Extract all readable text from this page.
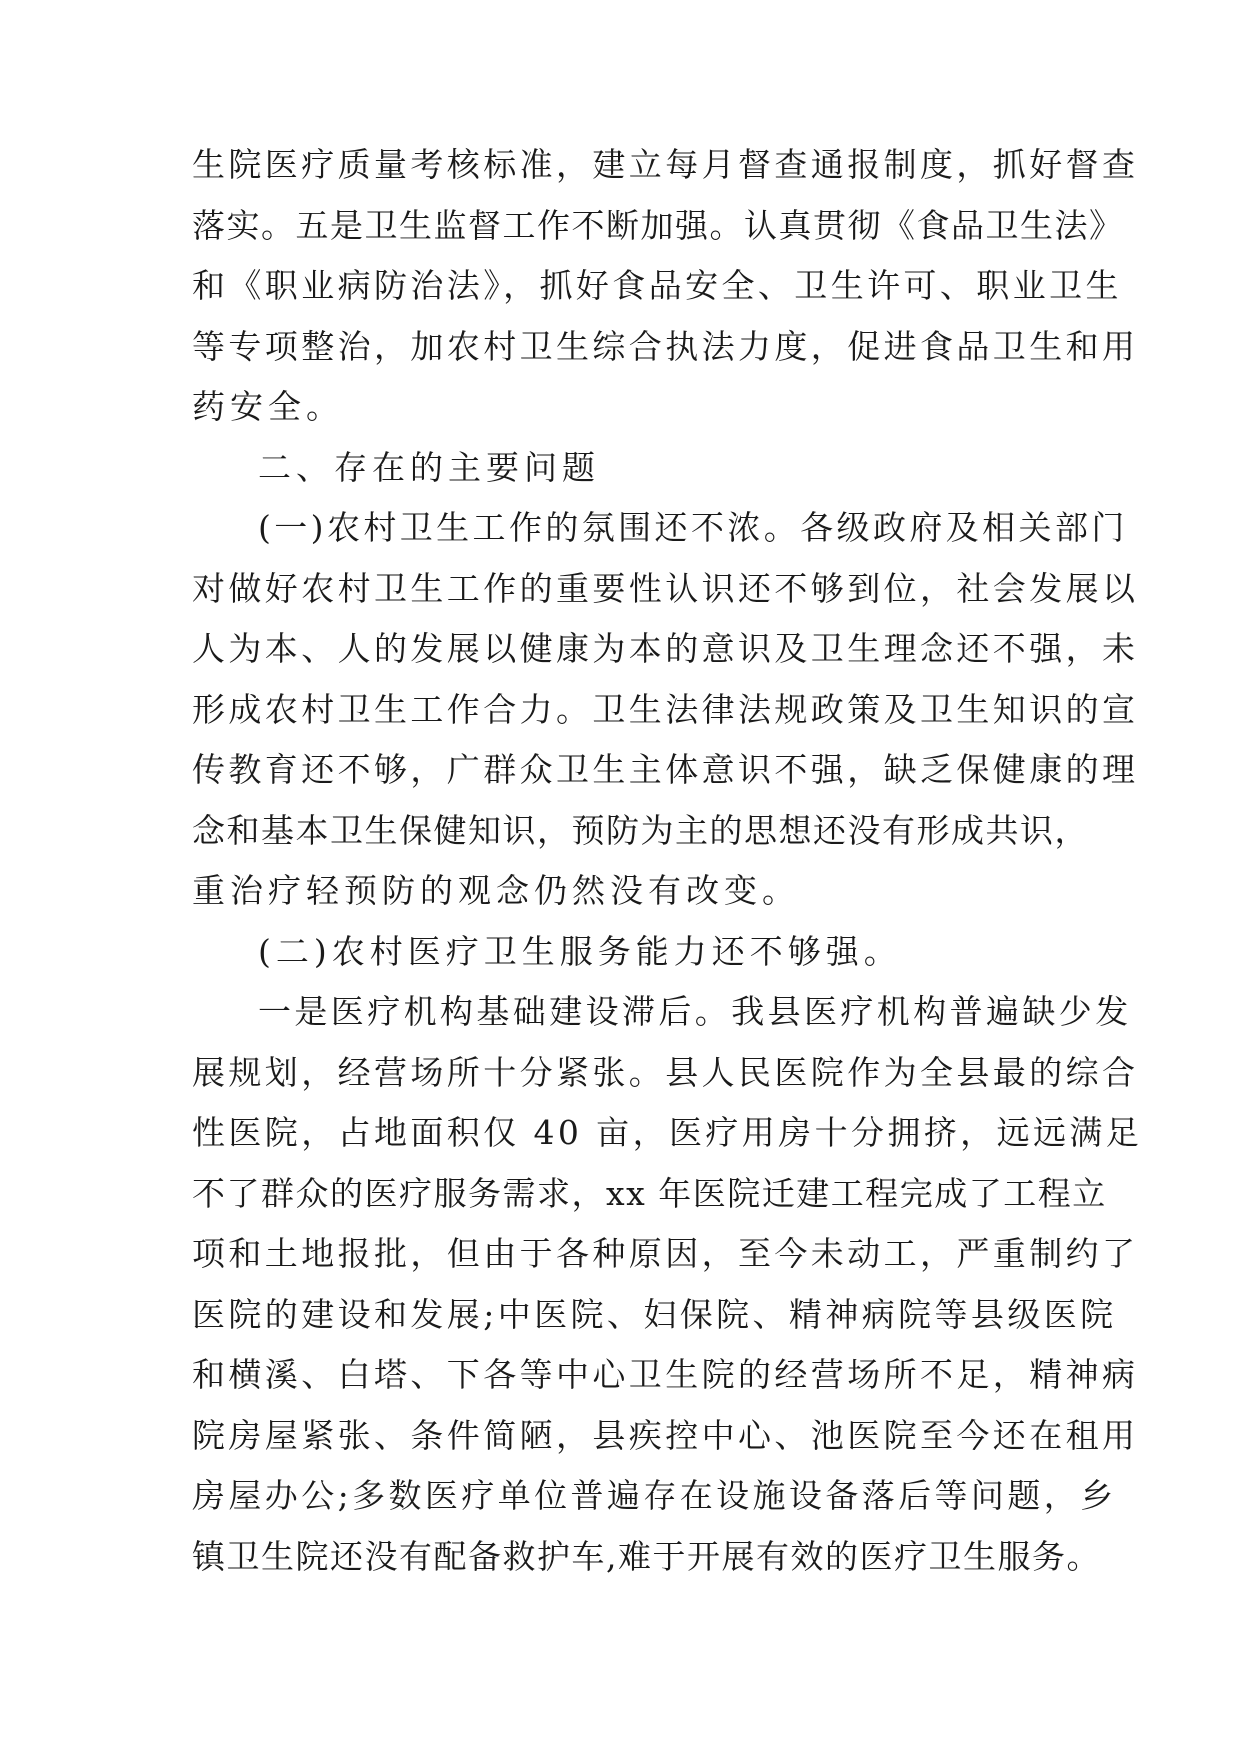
生院医疗质量考核标准，建立每月督查通报制度，抓好督查
落实。五是卫生监督工作不断加强。认真贯彻《食品卫生法》
和《职业病防治法》，抓好食品安全、卫生许可、职业卫生
等专项整治，加农村卫生综合执法力度，促进食品卫生和用
药安全。
二、存在的主要问题
(一)农村卫生工作的氛围还不浓。各级政府及相关部门
对做好农村卫生工作的重要性认识还不够到位，社会发展以
人为本、人的发展以健康为本的意识及卫生理念还不强，未
形成农村卫生工作合力。卫生法律法规政策及卫生知识的宣
传教育还不够，广群众卫生主体意识不强，缺乏保健康的理
念和基本卫生保健知识，预防为主的思想还没有形成共识，
重治疗轻预防的观念仍然没有改变。
(二)农村医疗卫生服务能力还不够强。
一是医疗机构基础建设滞后。我县医疗机构普遍缺少发
展规划，经营场所十分紧张。县人民医院作为全县最的综合
性医院，占地面积仅 40 亩，医疗用房十分拥挤，远远满足
不了群众的医疗服务需求，xx 年医院迁建工程完成了工程立
项和土地报批，但由于各种原因，至今未动工，严重制约了
医院的建设和发展;中医院、妇保院、精神病院等县级医院
和横溪、白塔、下各等中心卫生院的经营场所不足，精神病
院房屋紧张、条件简陋，县疾控中心、池医院至今还在租用
房屋办公;多数医疗单位普遍存在设施设备落后等问题，乡
镇卫生院还没有配备救护车,难于开展有效的医疗卫生服务。
